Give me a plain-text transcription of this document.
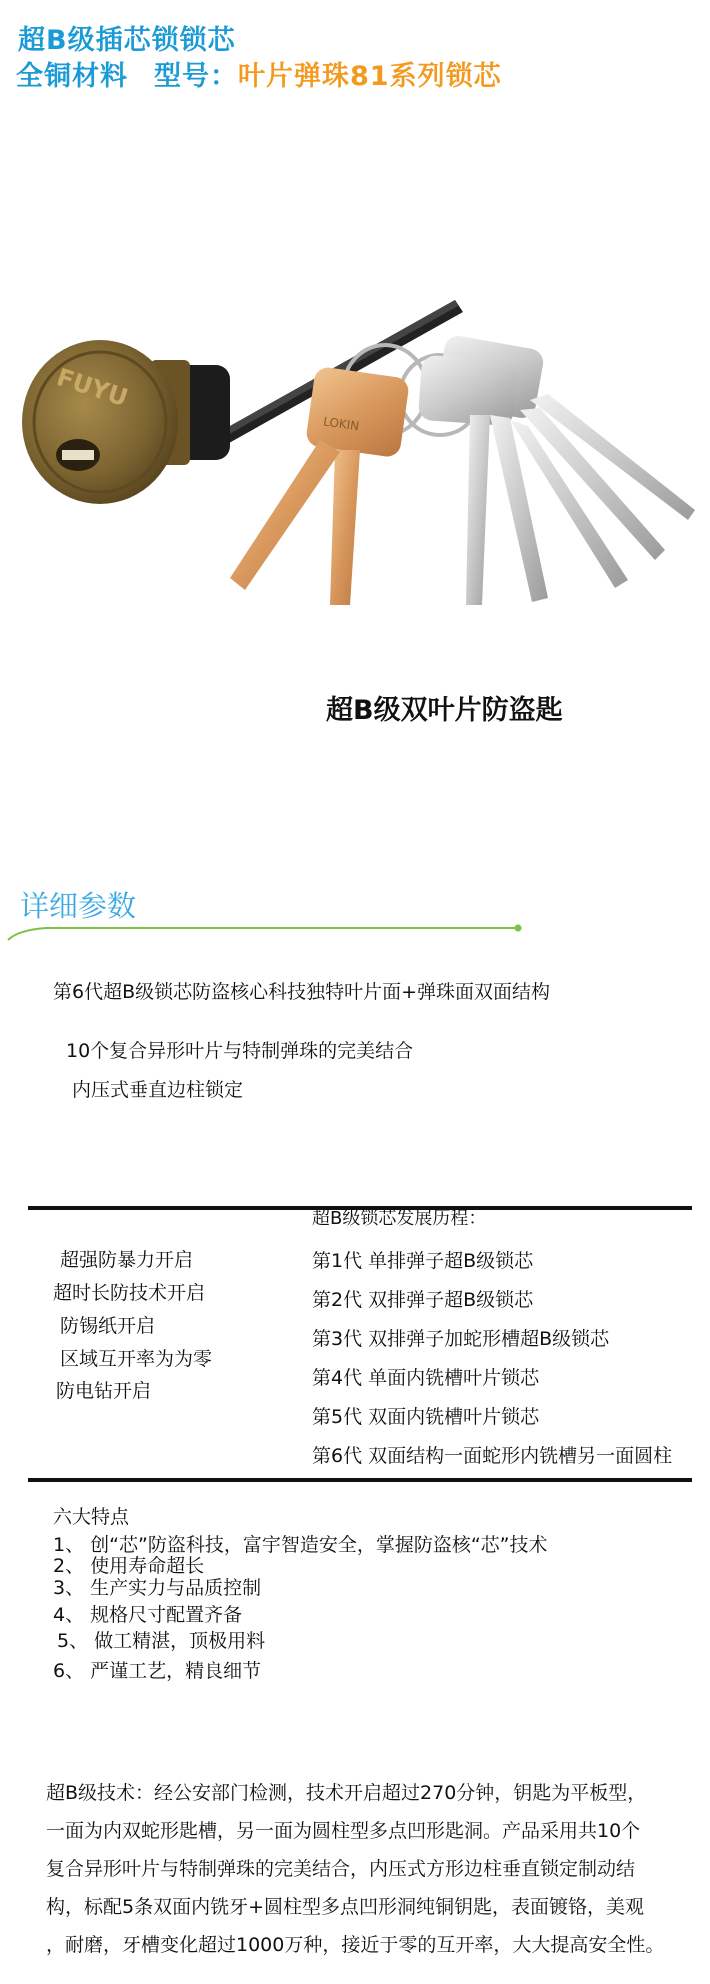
超B级插芯锁锁芯
全铜材料 型号：叶片弹珠81系列锁芯
FUYU
LOKIN
超B级双叶片防盗匙
详细参数
第6代超B级锁芯防盗核心科技独特叶片面+弹珠面双面结构
10个复合异形叶片与特制弹珠的完美结合
内压式垂直边柱锁定
超B级锁芯发展历程：
超强防暴力开启
超时长防技术开启
防锡纸开启
区域互开率为为零
防电钻开启
第1代 单排弹子超B级锁芯
第2代 双排弹子超B级锁芯
第3代 双排弹子加蛇形槽超B级锁芯
第4代 单面内铣槽叶片锁芯
第5代 双面内铣槽叶片锁芯
第6代 双面结构一面蛇形内铣槽另一面圆柱
六大特点
1、 创“芯”防盗科技，富宇智造安全，掌握防盗核“芯”技术
2、 使用寿命超长
3、 生产实力与品质控制
4、 规格尺寸配置齐备
5、 做工精湛，顶极用料
6、 严谨工艺，精良细节
超B级技术：经公安部门检测，技术开启超过270分钟，钥匙为平板型，
一面为内双蛇形匙槽，另一面为圆柱型多点凹形匙洞。产品采用共10个
复合异形叶片与特制弹珠的完美结合，内压式方形边柱垂直锁定制动结
构，标配5条双面内铣牙+圆柱型多点凹形洞纯铜钥匙，表面镀铬，美观
，耐磨，牙槽变化超过1000万种，接近于零的互开率，大大提高安全性。
